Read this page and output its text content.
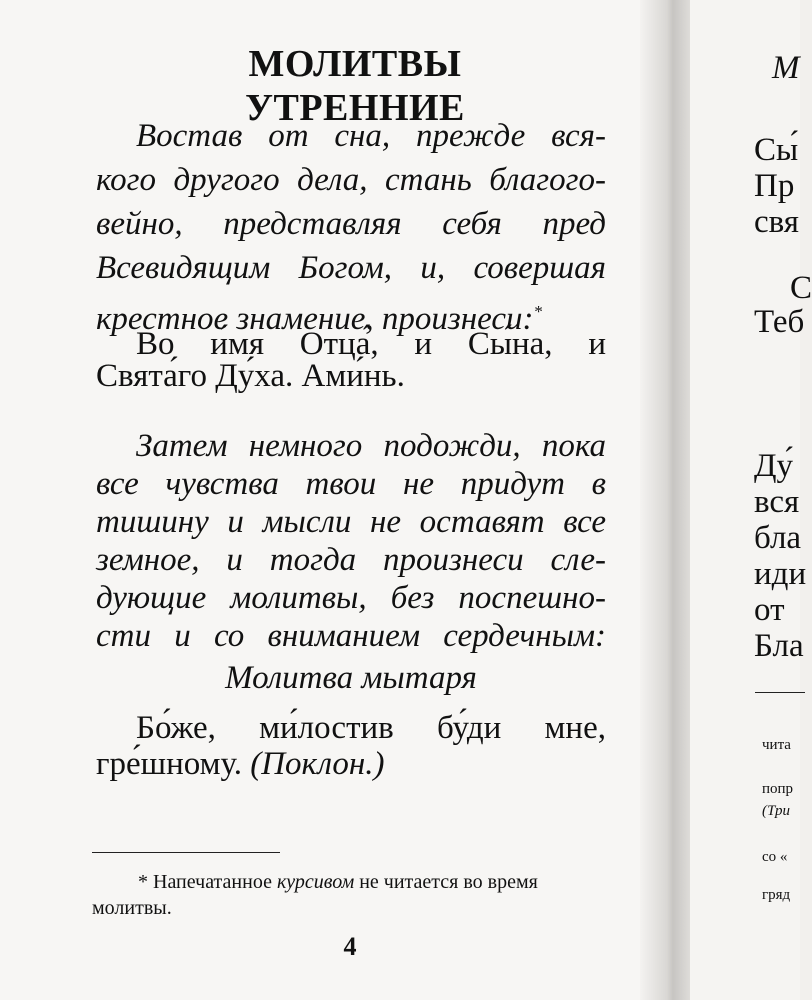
МОЛИТВЫ УТРЕННИЕ
Востав от сна, прежде вся-
кого другого дела, стань благого-
вейно, представляя себя пред
Всевидящим Богом, и, совершая
крестное знамение, произнеси:*
Во и́мя Отца́, и Сы́на, и
Свята́го Ду́ха. Ами́нь.
Затем немного подожди, пока
все чувства твои не придут в
тишину и мысли не оставят все
земное, и тогда произнеси сле-
дующие молитвы, без поспешно-
сти и со вниманием сердечным:
Молитва мытаря
Бо́же, ми́лостив бу́ди мне,
гре́шному. (Поклон.)
* Напечатанное курсивом не читается во время
молитвы.
4
М
Сы́
Пр
свя
С
Теб
Ду́
вся
бла
иди
от
Бла
чита
попр
(Три
со «
гряд
